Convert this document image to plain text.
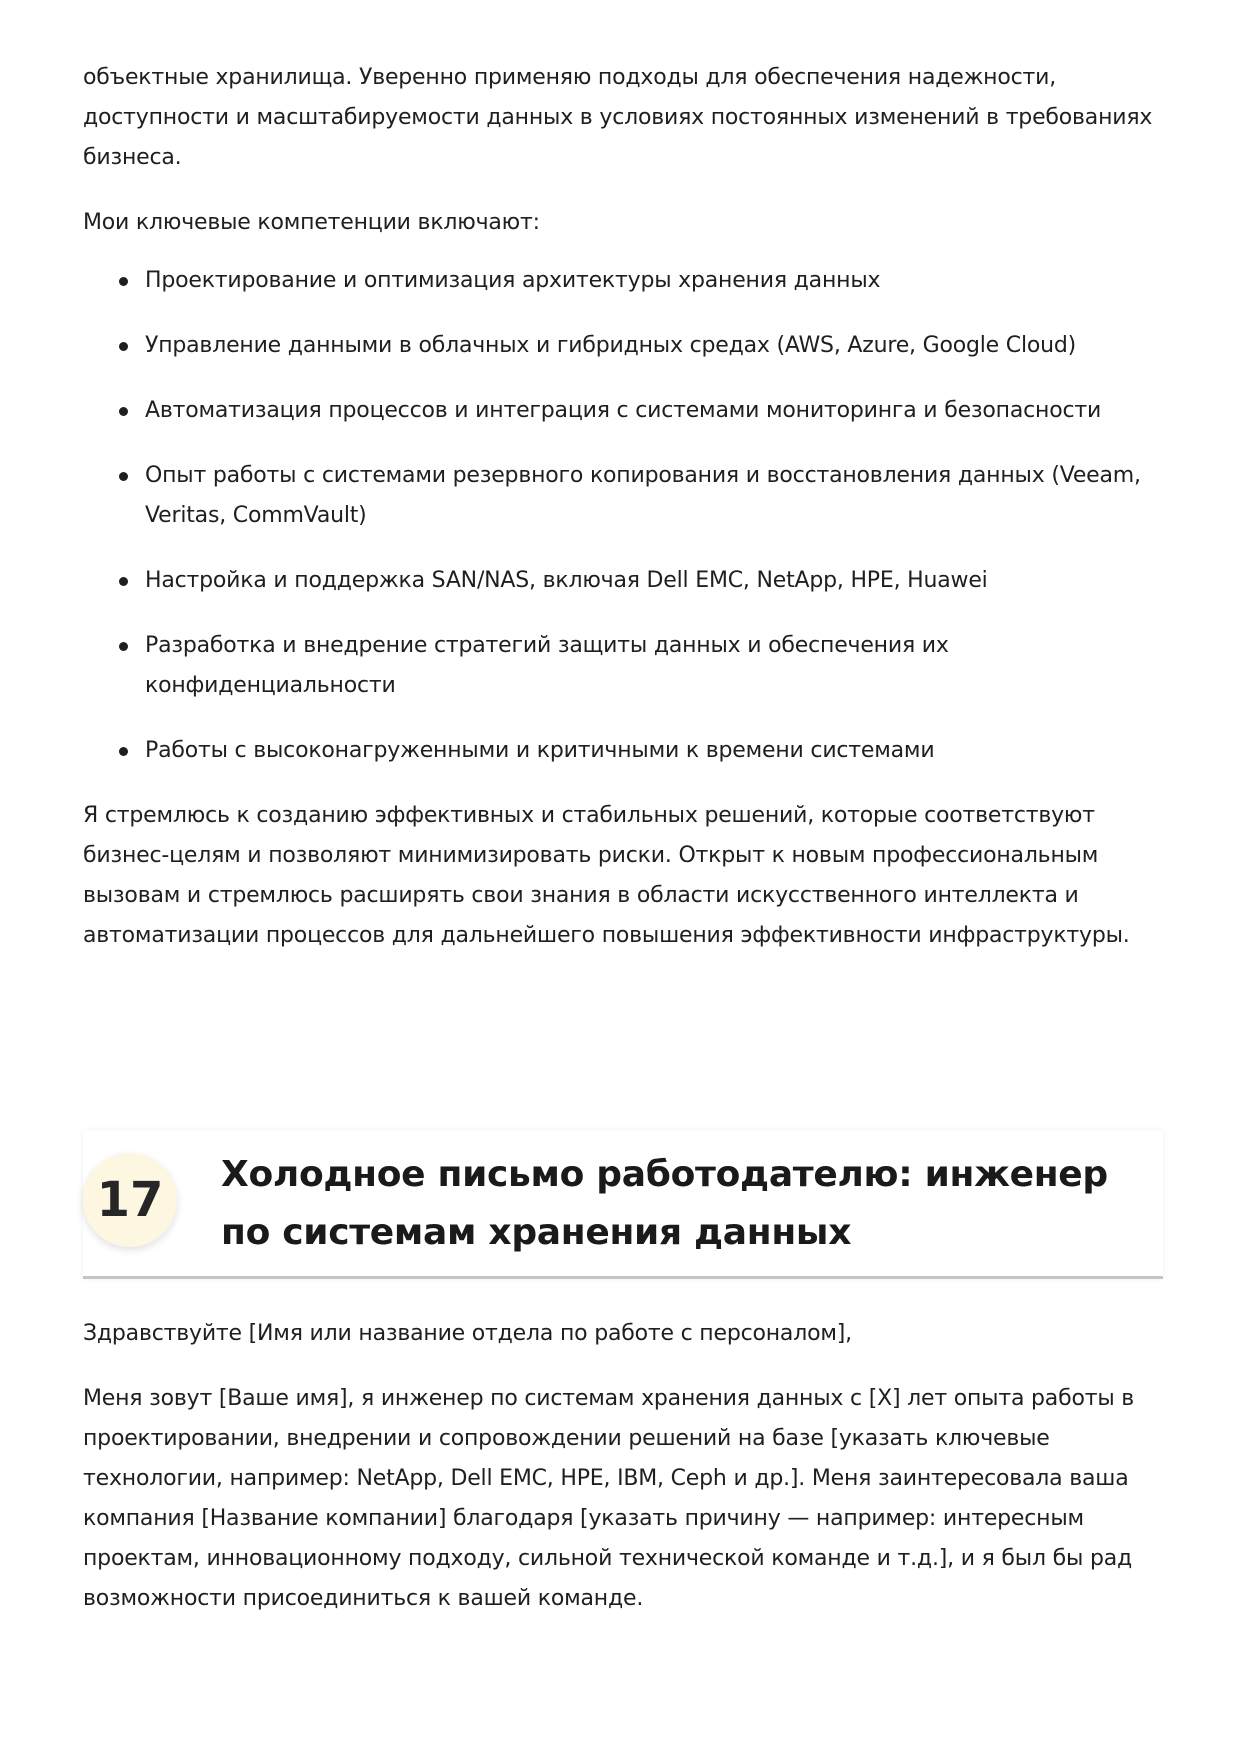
объектные хранилища. Уверенно применяю подходы для обеспечения надежности, доступности и масштабируемости данных в условиях постоянных изменений в требованиях бизнеса.

Мои ключевые компетенции включают:

Проектирование и оптимизация архитектуры хранения данных
Управление данными в облачных и гибридных средах (AWS, Azure, Google Cloud)
Автоматизация процессов и интеграция с системами мониторинга и безопасности
Опыт работы с системами резервного копирования и восстановления данных (Veeam, Veritas, CommVault)
Настройка и поддержка SAN/NAS, включая Dell EMC, NetApp, HPE, Huawei
Разработка и внедрение стратегий защиты данных и обеспечения их конфиденциальности
Работы с высоконагруженными и критичными к времени системами

Я стремлюсь к созданию эффективных и стабильных решений, которые соответствуют бизнес-целям и позволяют минимизировать риски. Открыт к новым профессиональным вызовам и стремлюсь расширять свои знания в области искусственного интеллекта и автоматизации процессов для дальнейшего повышения эффективности инфраструктуры.

17	Холодное письмо работодателю: инженер по системам хранения данных

Здравствуйте [Имя или название отдела по работе с персоналом],

Меня зовут [Ваше имя], я инженер по системам хранения данных с [X] лет опыта работы в проектировании, внедрении и сопровождении решений на базе [указать ключевые технологии, например: NetApp, Dell EMC, HPE, IBM, Ceph и др.]. Меня заинтересовала ваша компания [Название компании] благодаря [указать причину — например: интересным проектам, инновационному подходу, сильной технической команде и т.д.], и я был бы рад возможности присоединиться к вашей команде.
